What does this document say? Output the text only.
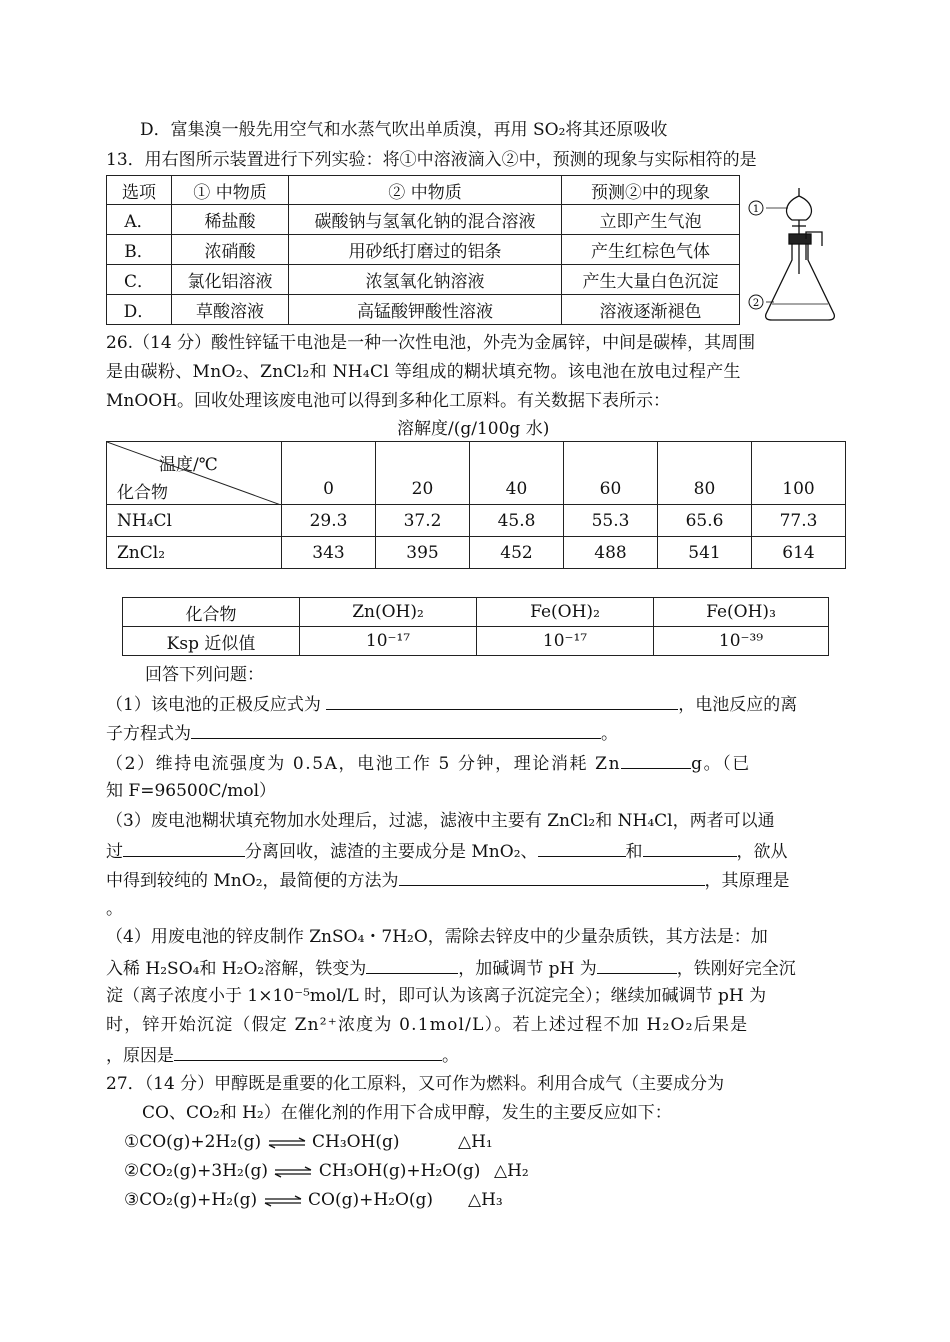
D．富集溴一般先用空气和水蒸气吹出单质溴，再用 SO₂将其还原吸收
13．用右图所示装置进行下列实验：将①中溶液滴入②中，预测的现象与实际相符的是
选项	① 中物质	② 中物质	预测②中的现象
A．	稀盐酸	碳酸钠与氢氧化钠的混合溶液	立即产生气泡
B．	浓硝酸	用砂纸打磨过的铝条	产生红棕色气体
C．	氯化铝溶液	浓氢氧化钠溶液	产生大量白色沉淀
D．	草酸溶液	高锰酸钾酸性溶液	溶液逐渐褪色
1
2
26.（14 分）酸性锌锰干电池是一种一次性电池，外壳为金属锌，中间是碳棒，其周围
是由碳粉、MnO₂、ZnCl₂和 NH₄Cl 等组成的糊状填充物。该电池在放电过程产生
MnOOH。回收处理该废电池可以得到多种化工原料。有关数据下表所示：
溶解度/(g/100g 水)
温度/℃
化合物	0	20	40	60	80	100
NH₄Cl	29.3	37.2	45.8	55.3	65.6	77.3
ZnCl₂	343	395	452	488	541	614
化合物	Zn(OH)₂	Fe(OH)₂	Fe(OH)₃
Ksp 近似值	10⁻¹⁷	10⁻¹⁷	10⁻³⁹
回答下列问题：
（1）该电池的正极反应式为	，电池反应的离
子方程式为	。
（2）维持电流强度为 0.5A，电池工作 5 分钟，理论消耗 Zn	g。（已
知 F=96500C/mol）
（3）废电池糊状填充物加水处理后，过滤，滤液中主要有 ZnCl₂和 NH₄Cl，两者可以通
过	分离回收，滤渣的主要成分是 MnO₂、	和	，欲从
中得到较纯的 MnO₂，最简便的方法为	，其原理是
。
（4）用废电池的锌皮制作 ZnSO₄・7H₂O，需除去锌皮中的少量杂质铁，其方法是：加
入稀 H₂SO₄和 H₂O₂溶解，铁变为	，加碱调节 pH 为	，铁刚好完全沉
淀（离子浓度小于 1×10⁻⁵mol/L 时，即可认为该离子沉淀完全）；继续加碱调节 pH 为
时，锌开始沉淀（假定 Zn²⁺浓度为 0.1mol/L）。若上述过程不加 H₂O₂后果是
，原因是	。
27．（14 分）甲醇既是重要的化工原料，又可作为燃料。利用合成气（主要成分为
CO、CO₂和 H₂）在催化剂的作用下合成甲醇，发生的主要反应如下：
①CO(g)+2H₂(g) ⇌ CH₃OH(g)	△H₁
②CO₂(g)+3H₂(g) ⇌ CH₃OH(g)+H₂O(g) △H₂
③CO₂(g)+H₂(g) ⇌ CO(g)+H₂O(g) △H₃
